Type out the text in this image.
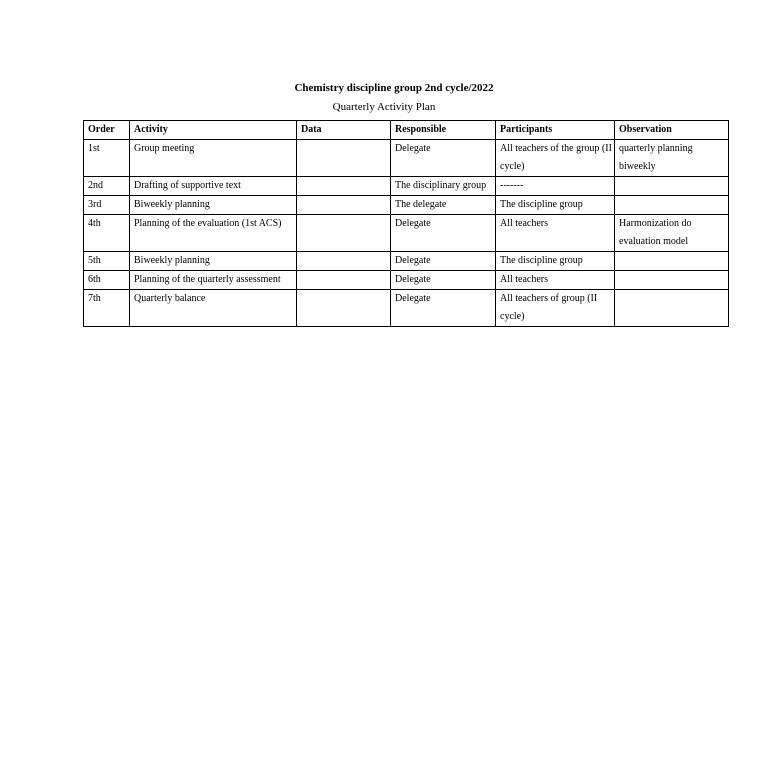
Chemistry discipline group 2nd cycle/2022
Quarterly Activity Plan
Order	Activity	Data	Responsible	Participants	Observation
1st	Group meeting		Delegate	All teachers of the group (II cycle)	quarterly planning biweekly
2nd	Drafting of supportive text		The disciplinary group	-------	
3rd	Biweekly planning		The delegate	The discipline group	
4th	Planning of the evaluation (1st ACS)		Delegate	All teachers	Harmonization do evaluation model
5th	Biweekly planning		Delegate	The discipline group	
6th	Planning of the quarterly assessment		Delegate	All teachers	
7th	Quarterly balance		Delegate	All teachers of group (II cycle)	
